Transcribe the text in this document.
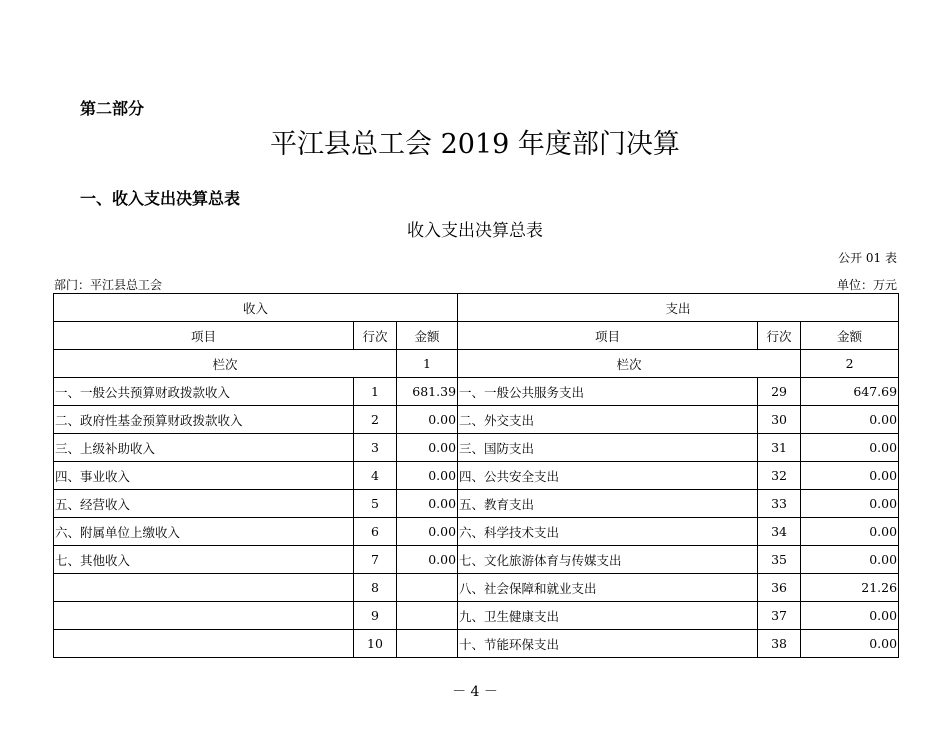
第二部分
平江县总工会 2019 年度部门决算
一、收入支出决算总表
收入支出决算总表
公开 01 表
部门：平江县总工会	单位：万元
收入			支出		
项目	行次	金额	项目	行次	金额
栏次		1	栏次		2
一、一般公共预算财政拨款收入	1	681.39	一、一般公共服务支出	29	647.69
二、政府性基金预算财政拨款收入	2	0.00	二、外交支出	30	0.00
三、上级补助收入	3	0.00	三、国防支出	31	0.00
四、事业收入	4	0.00	四、公共安全支出	32	0.00
五、经营收入	5	0.00	五、教育支出	33	0.00
六、附属单位上缴收入	6	0.00	六、科学技术支出	34	0.00
七、其他收入	7	0.00	七、文化旅游体育与传媒支出	35	0.00
	8		八、社会保障和就业支出	36	21.26
	9		九、卫生健康支出	37	0.00
	10		十、节能环保支出	38	0.00
－ 4 －
